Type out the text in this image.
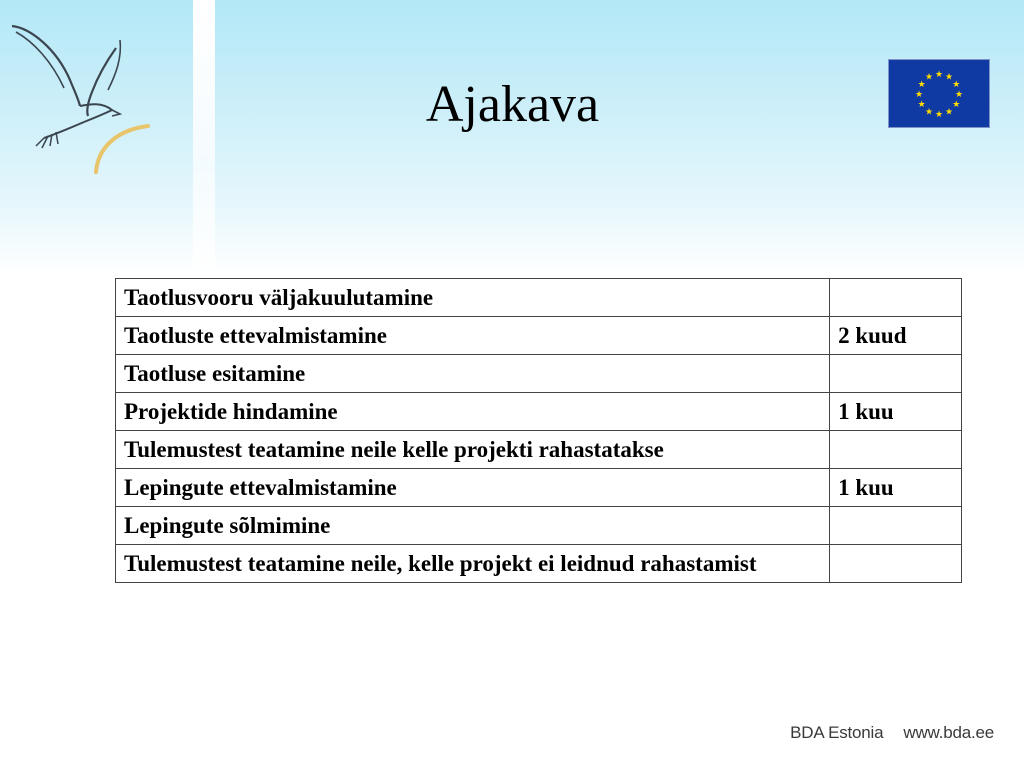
Ajakava
★ ★
★
★
★
★
★
★
★
★
★
★
Taotlusvooru väljakuulutamine	
Taotluste ettevalmistamine	2 kuud
Taotluse esitamine	
Projektide hindamine	1 kuu
Tulemustest teatamine neile kelle projekti rahastatakse	
Lepingute ettevalmistamine	1 kuu
Lepingute sõlmimine	
Tulemustest teatamine neile, kelle projekt ei leidnud rahastamist	
BDA Estonia www.bda.ee
